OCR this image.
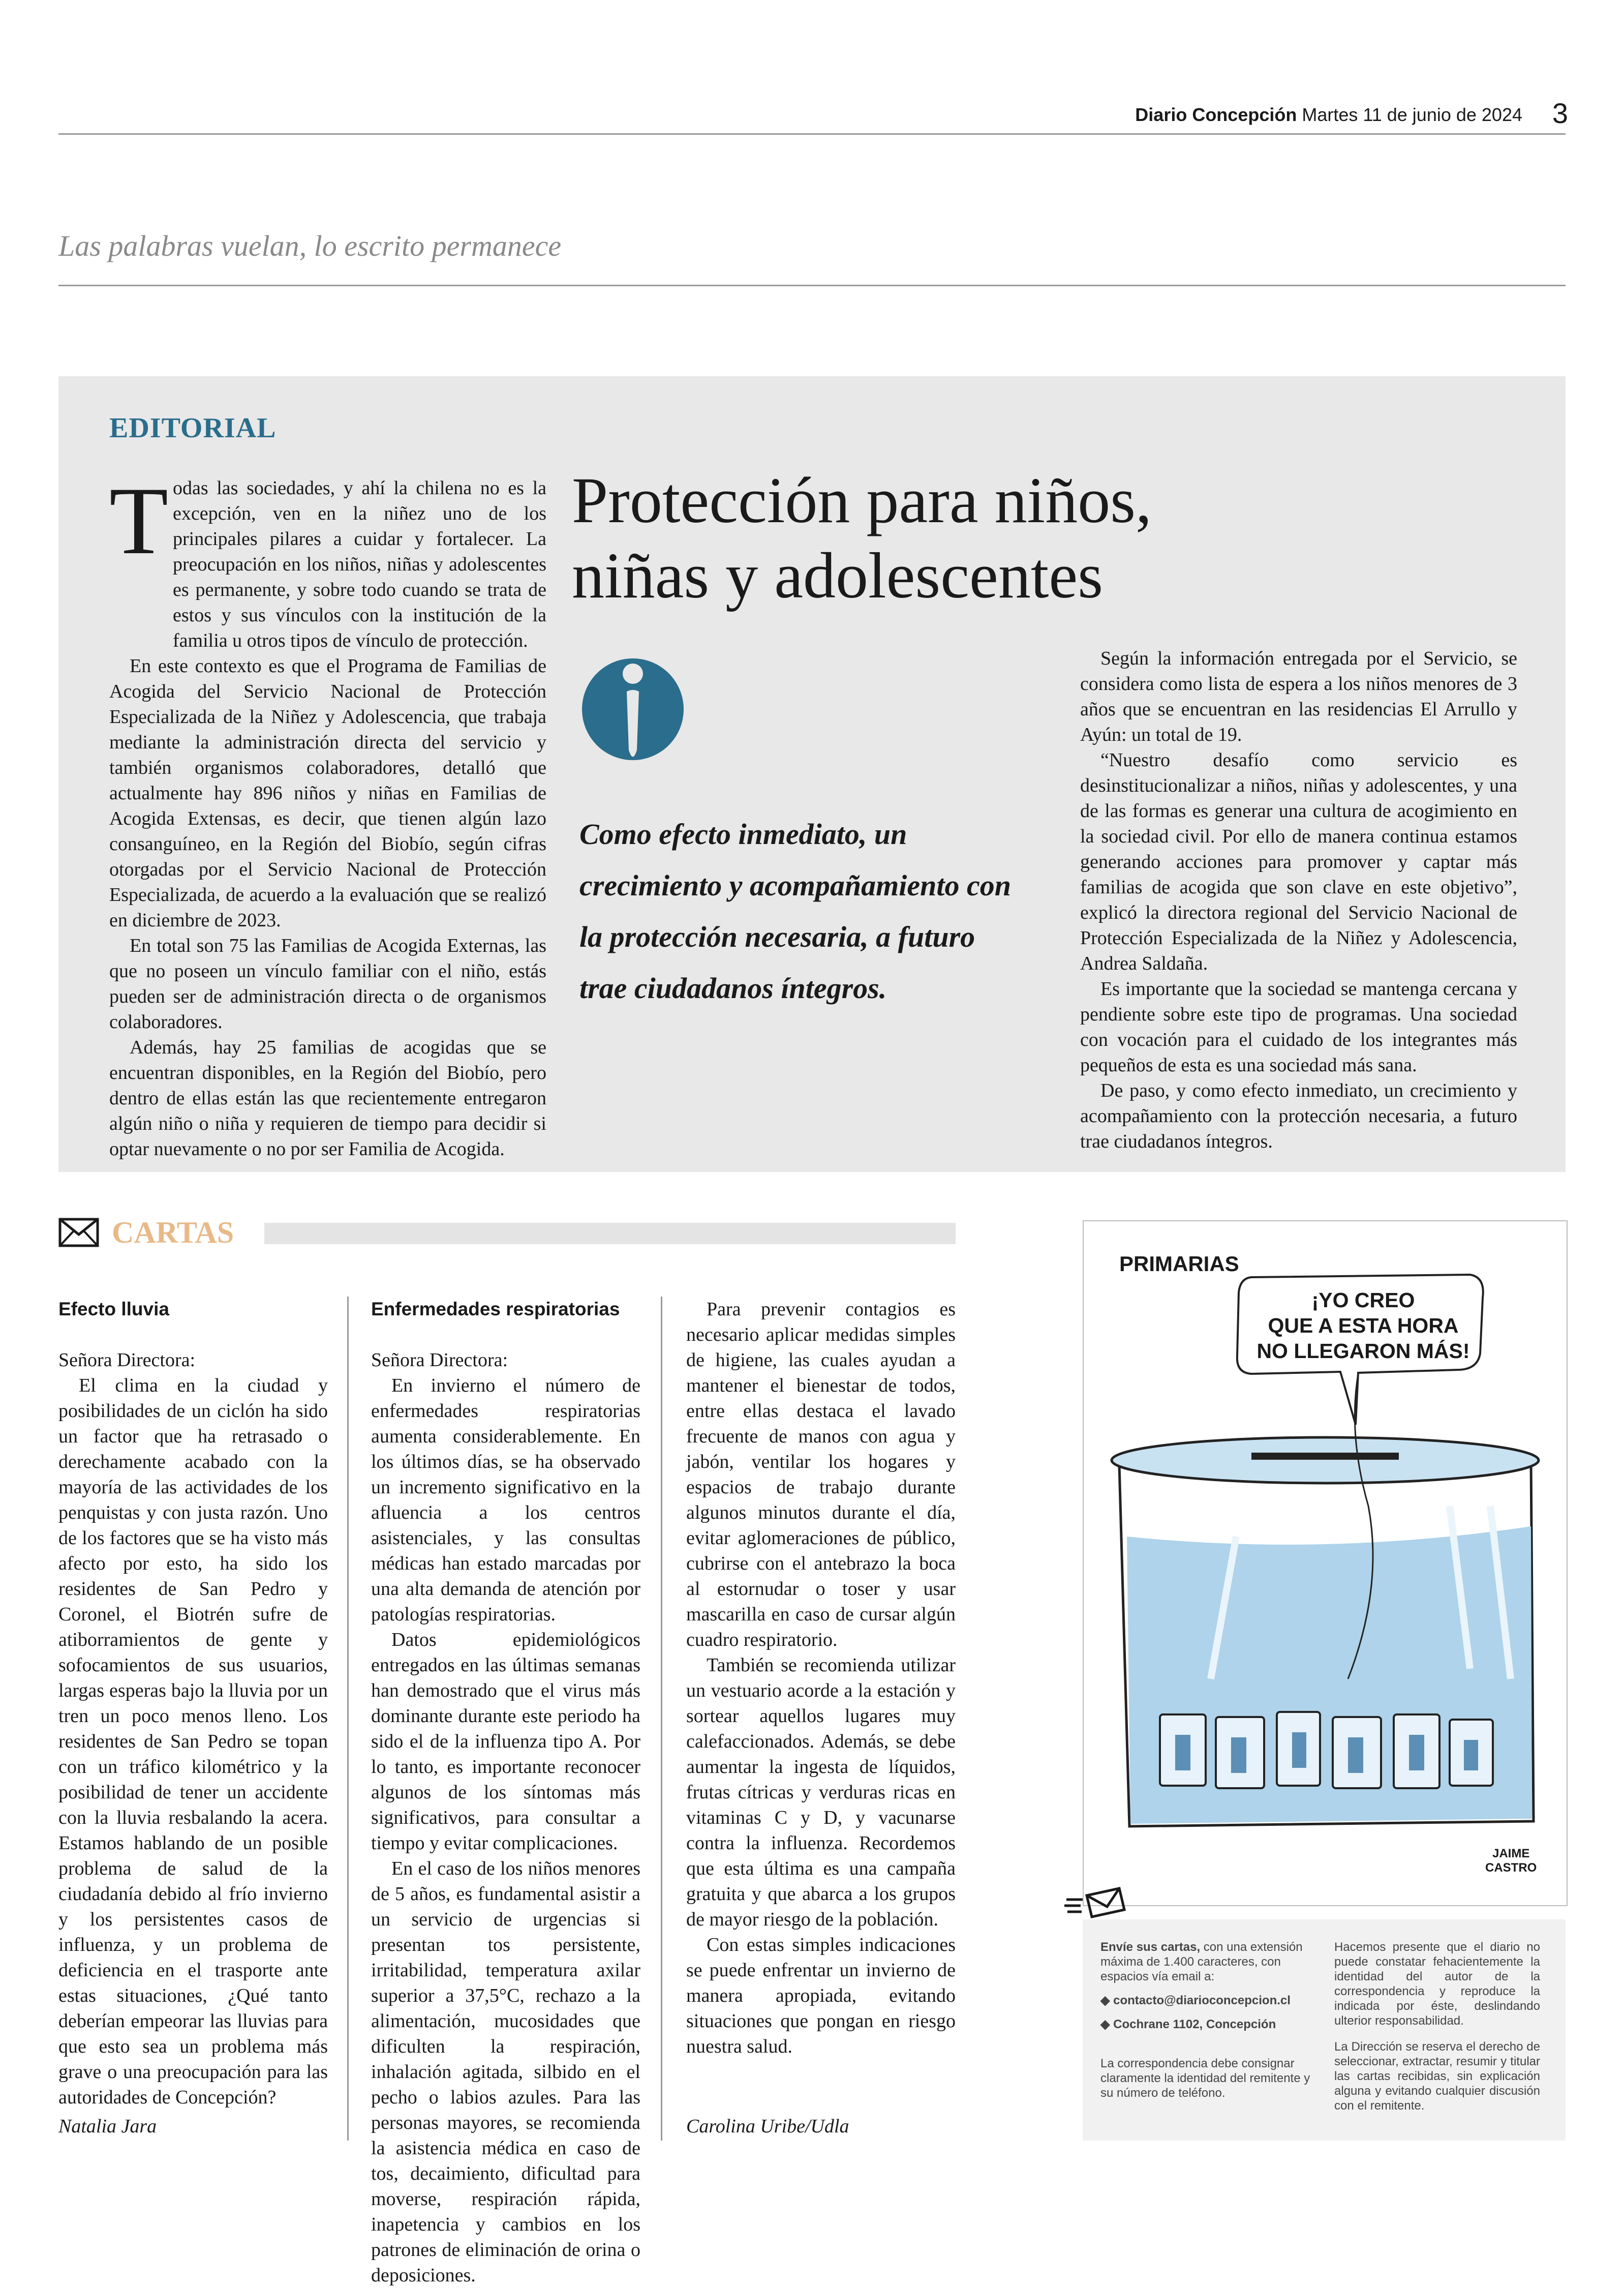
Diario Concepción Martes 11 de junio de 2024 3
Las palabras vuelan, lo escrito permanece
EDITORIAL
T odas las sociedades, y ahí la chilena no es la excepción, ven en la niñez uno de los principales pilares a cuidar y fortalecer. La preocupación en los niños, niñas y adolescentes es permanente, y sobre todo cuando se trata de estos y sus vínculos con la institución de la familia u otros tipos de vínculo de protección.

En este contexto es que el Programa de Familias de Acogida del Servicio Nacional de Protección Especializada de la Niñez y Adolescencia, que trabaja mediante la administración directa del servicio y también organismos colaboradores, detalló que actualmente hay 896 niños y niñas en Familias de Acogida Extensas, es decir, que tienen algún lazo consanguíneo, en la Región del Biobío, según cifras otorgadas por el Servicio Nacional de Protección Especializada, de acuerdo a la evaluación que se realizó en diciembre de 2023.

En total son 75 las Familias de Acogida Externas, las que no poseen un vínculo familiar con el niño, estás pueden ser de administración directa o de organismos colaboradores.

Además, hay 25 familias de acogidas que se encuentran disponibles, en la Región del Biobío, pero dentro de ellas están las que recientemente entregaron algún niño o niña y requieren de tiempo para decidir si optar nuevamente o no por ser Familia de Acogida.

Protección para niños,
niñas y adolescentes
Como efecto inmediato, un crecimiento y acompañamiento con la protección necesaria, a futuro trae ciudadanos íntegros.

Según la información entregada por el Servicio, se considera como lista de espera a los niños menores de 3 años que se encuentran en las residencias El Arrullo y Ayún: un total de 19.

“Nuestro desafío como servicio es desinstitucionalizar a niños, niñas y adolescentes, y una de las formas es generar una cultura de acogimiento en la sociedad civil. Por ello de manera continua estamos generando acciones para promover y captar más familias de acogida que son clave en este objetivo”, explicó la directora regional del Servicio Nacional de Protección Especializada de la Niñez y Adolescencia, Andrea Saldaña.

Es importante que la sociedad se mantenga cercana y pendiente sobre este tipo de programas. Una sociedad con vocación para el cuidado de los integrantes más pequeños de esta es una sociedad más sana.

De paso, y como efecto inmediato, un crecimiento y acompañamiento con la protección necesaria, a futuro trae ciudadanos íntegros.

CARTAS
Efecto lluvia

Señora Directora:

El clima en la ciudad y posibilidades de un ciclón ha sido un factor que ha retrasado o derechamente acabado con la mayoría de las actividades de los penquistas y con justa razón. Uno de los factores que se ha visto más afecto por esto, ha sido los residentes de San Pedro y Coronel, el Biotrén sufre de atiborramientos de gente y sofocamientos de sus usuarios, largas esperas bajo la lluvia por un tren un poco menos lleno. Los residentes de San Pedro se topan con un tráfico kilométrico y la posibilidad de tener un accidente con la lluvia resbalando la acera. Estamos hablando de un posible problema de salud de la ciudadanía debido al frío invierno y los persistentes casos de influenza, y un problema de deficiencia en el trasporte ante estas situaciones, ¿Qué tanto deberían empeorar las lluvias para que esto sea un problema más grave o una preocupación para las autoridades de Concepción?

Natalia Jara
Enfermedades respiratorias

Señora Directora:

En invierno el número de enfermedades respiratorias aumenta considerablemente. En los últimos días, se ha observado un incremento significativo en la afluencia a los centros asistenciales, y las consultas médicas han estado marcadas por una alta demanda de atención por patologías respiratorias.

Datos epidemiológicos entregados en las últimas semanas han demostrado que el virus más dominante durante este periodo ha sido el de la influenza tipo A. Por lo tanto, es importante reconocer algunos de los síntomas más significativos, para consultar a tiempo y evitar complicaciones.

En el caso de los niños menores de 5 años, es fundamental asistir a un servicio de urgencias si presentan tos persistente, irritabilidad, temperatura axilar superior a 37,5°C, rechazo a la alimentación, mucosidades que dificulten la respiración, inhalación agitada, silbido en el pecho o labios azules. Para las personas mayores, se recomienda la asistencia médica en caso de tos, decaimiento, dificultad para moverse, respiración rápida, inapetencia y cambios en los patrones de eliminación de orina o deposiciones.

Para prevenir contagios es necesario aplicar medidas simples de higiene, las cuales ayudan a mantener el bienestar de todos, entre ellas destaca el lavado frecuente de manos con agua y jabón, ventilar los hogares y espacios de trabajo durante algunos minutos durante el día, evitar aglomeraciones de público, cubrirse con el antebrazo la boca al estornudar o toser y usar mascarilla en caso de cursar algún cuadro respiratorio.

También se recomienda utilizar un vestuario acorde a la estación y sortear aquellos lugares muy calefaccionados. Además, se debe aumentar la ingesta de líquidos, frutas cítricas y verduras ricas en vitaminas C y D, y vacunarse contra la influenza. Recordemos que esta última es una campaña gratuita y que abarca a los grupos de mayor riesgo de la población.

Con estas simples indicaciones se puede enfrentar un invierno de manera apropiada, evitando situaciones que pongan en riesgo nuestra salud.

Carolina Uribe/Udla
PRIMARIAS
¡YO CREO
QUE A ESTA HORA
NO LLEGARON MÁS!
JAIME
CASTRO
Envíe sus cartas, con una extensión máxima de 1.400 caracteres, con espacios vía email a:
◆ contacto@diarioconcepcion.cl
◆ Cochrane 1102, Concepción
La correspondencia debe consignar claramente la identidad del remitente y su número de teléfono.
Hacemos presente que el diario no puede constatar fehacientemente la identidad del autor de la correspondencia y reproduce la indicada por éste, deslindando ulterior responsabilidad.
La Dirección se reserva el derecho de seleccionar, extractar, resumir y titular las cartas recibidas, sin explicación alguna y evitando cualquier discusión con el remitente.
